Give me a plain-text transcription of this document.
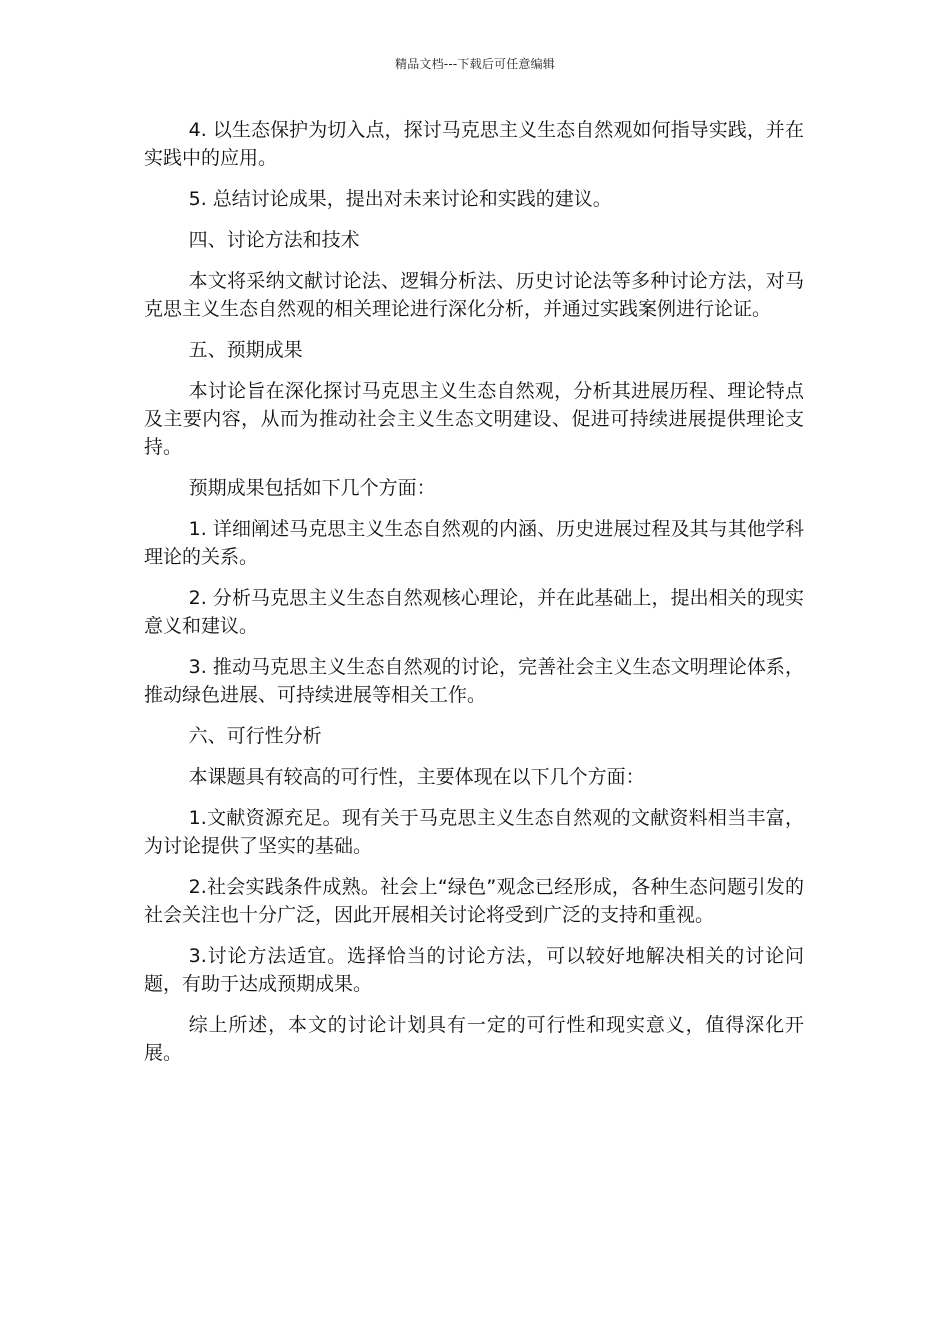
精品文档---下载后可任意编辑

4. 以生态保护为切入点，探讨马克思主义生态自然观如何指导实践，并在实践中的应用。

5. 总结讨论成果，提出对未来讨论和实践的建议。

四、讨论方法和技术

本文将采纳文献讨论法、逻辑分析法、历史讨论法等多种讨论方法，对马克思主义生态自然观的相关理论进行深化分析，并通过实践案例进行论证。

五、预期成果

本讨论旨在深化探讨马克思主义生态自然观，分析其进展历程、理论特点及主要内容，从而为推动社会主义生态文明建设、促进可持续进展提供理论支持。

预期成果包括如下几个方面：

1. 详细阐述马克思主义生态自然观的内涵、历史进展过程及其与其他学科理论的关系。

2. 分析马克思主义生态自然观核心理论，并在此基础上，提出相关的现实意义和建议。

3. 推动马克思主义生态自然观的讨论，完善社会主义生态文明理论体系，推动绿色进展、可持续进展等相关工作。

六、可行性分析

本课题具有较高的可行性，主要体现在以下几个方面：

1.文献资源充足。现有关于马克思主义生态自然观的文献资料相当丰富，为讨论提供了坚实的基础。

2.社会实践条件成熟。社会上“绿色”观念已经形成，各种生态问题引发的社会关注也十分广泛，因此开展相关讨论将受到广泛的支持和重视。

3.讨论方法适宜。选择恰当的讨论方法，可以较好地解决相关的讨论问题，有助于达成预期成果。

综上所述，本文的讨论计划具有一定的可行性和现实意义，值得深化开展。
